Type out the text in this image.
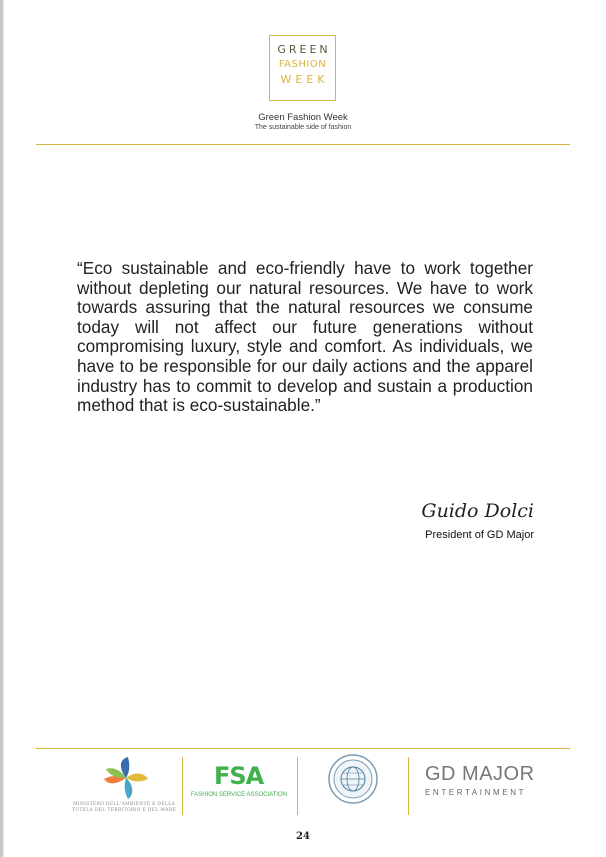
GREEN
FASHION
WEEK
Green Fashion Week
The sustainable side of fashion

“Eco sustainable and eco-friendly have to work together without depleting our natural resources. We have to work towards assuring that the natural resources we consume today will not affect our future generations without compromising luxury, style and comfort. As individuals, we have to be responsible for our daily actions and the apparel industry has to commit to develop and sustain a production method that is eco-sustainable.”

Guido Dolci
President of GD Major
MINISTERO DELL'AMBIENTE E DELLA TUTELA DEL TERRITORIO E DEL MARE
FSA
FASHION SERVICE ASSOCIATION
GD MAJOR
ENTERTAINMENT
24
